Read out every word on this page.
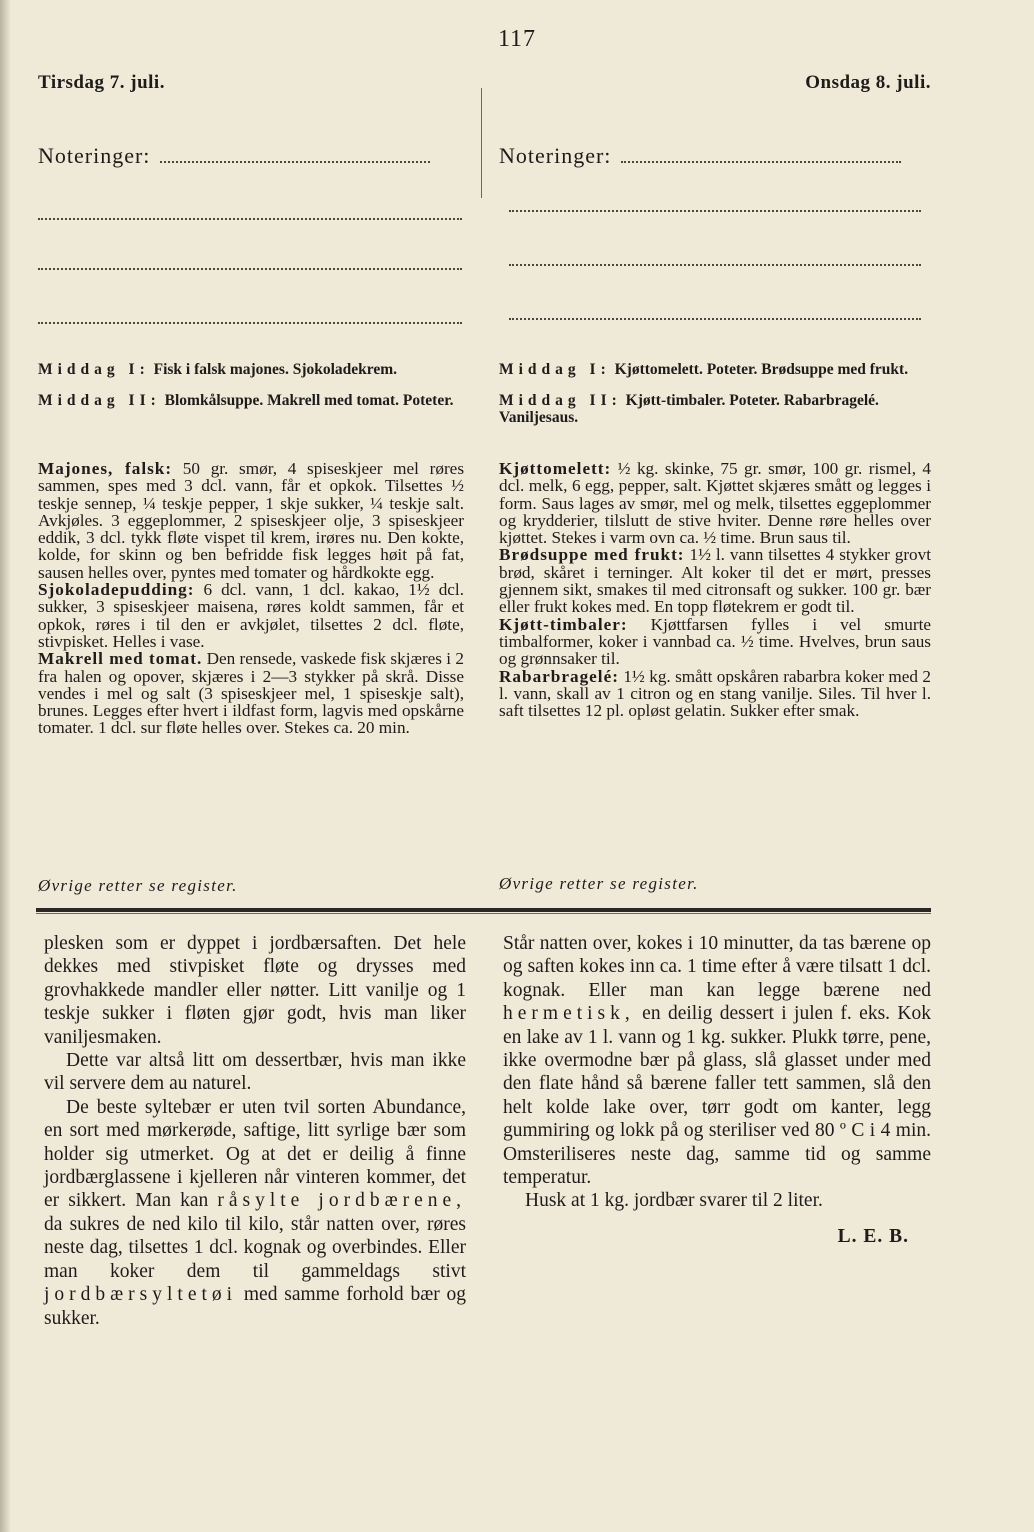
117
Tirsdag 7. juli.
Noteringer:
Middag I: Fisk i falsk majones. Sjokoladekrem.
Middag II: Blomkålsuppe. Makrell med tomat. Poteter.

Majones, falsk: 50 gr. smør, 4 spiseskjeer mel røres sammen, spes med 3 dcl. vann, får et opkok. Tilsettes ½ teskje sennep, ¼ teskje pepper, 1 skje sukker, ¼ teskje salt. Avkjøles. 3 eggeplommer, 2 spiseskjeer olje, 3 spiseskjeer eddik, 3 dcl. tykk fløte vispet til krem, irøres nu. Den kokte, kolde, for skinn og ben befridde fisk legges høit på fat, sausen helles over, pyntes med tomater og hårdkokte egg.

Sjokoladepudding: 6 dcl. vann, 1 dcl. kakao, 1½ dcl. sukker, 3 spiseskjeer maisena, røres koldt sammen, får et opkok, røres i til den er avkjølet, tilsettes 2 dcl. fløte, stivpisket. Helles i vase.

Makrell med tomat. Den rensede, vaskede fisk skjæres i 2 fra halen og opover, skjæres i 2—3 stykker på skrå. Disse vendes i mel og salt (3 spiseskjeer mel, 1 spiseskje salt), brunes. Legges efter hvert i ildfast form, lagvis med opskårne tomater. 1 dcl. sur fløte helles over. Stekes ca. 20 min.

Øvrige retter se register.
Onsdag 8. juli.
Noteringer:
Middag I: Kjøttomelett. Poteter. Brødsuppe med frukt.
Middag II: Kjøtt-timbaler. Poteter. Rabarbragelé. Vaniljesaus.

Kjøttomelett: ½ kg. skinke, 75 gr. smør, 100 gr. rismel, 4 dcl. melk, 6 egg, pepper, salt. Kjøttet skjæres smått og legges i form. Saus lages av smør, mel og melk, tilsettes eggeplommer og krydderier, tilslutt de stive hviter. Denne røre helles over kjøttet. Stekes i varm ovn ca. ½ time. Brun saus til.

Brødsuppe med frukt: 1½ l. vann tilsettes 4 stykker grovt brød, skåret i terninger. Alt koker til det er mørt, presses gjennem sikt, smakes til med citronsaft og sukker. 100 gr. bær eller frukt kokes med. En topp fløtekrem er godt til.

Kjøtt-timbaler: Kjøttfarsen fylles i vel smurte timbalformer, koker i vannbad ca. ½ time. Hvelves, brun saus og grønnsaker til.

Rabarbragelé: 1½ kg. smått opskåren rabarbra koker med 2 l. vann, skall av 1 citron og en stang vanilje. Siles. Til hver l. saft tilsettes 12 pl. opløst gelatin. Sukker efter smak.

Øvrige retter se register.

plesken som er dyppet i jordbærsaften. Det hele dekkes med stivpisket fløte og drysses med grovhakkede mandler eller nøtter. Litt vanilje og 1 teskje sukker i fløten gjør godt, hvis man liker vaniljesmaken.

Dette var altså litt om dessertbær, hvis man ikke vil servere dem au naturel.

De beste syltebær er uten tvil sorten Abundance, en sort med mørkerøde, saftige, litt syrlige bær som holder sig utmerket. Og at det er deilig å finne jordbærglassene i kjelleren når vinteren kommer, det er sikkert. Man kan råsylte jordbærene, da sukres de ned kilo til kilo, står natten over, røres neste dag, tilsettes 1 dcl. kognak og overbindes. Eller man koker dem til gammeldags stivt jordbærsyltetøi med samme forhold bær og sukker.

Står natten over, kokes i 10 minutter, da tas bærene op og saften kokes inn ca. 1 time efter å være tilsatt 1 dcl. kognak. Eller man kan legge bærene ned hermetisk, en deilig dessert i julen f. eks. Kok en lake av 1 l. vann og 1 kg. sukker. Plukk tørre, pene, ikke overmodne bær på glass, slå glasset under med den flate hånd så bærene faller tett sammen, slå den helt kolde lake over, tørr godt om kanter, legg gummiring og lokk på og steriliser ved 80 º C i 4 min. Omsteriliseres neste dag, samme tid og samme temperatur.

Husk at 1 kg. jordbær svarer til 2 liter.

L. E. B.
